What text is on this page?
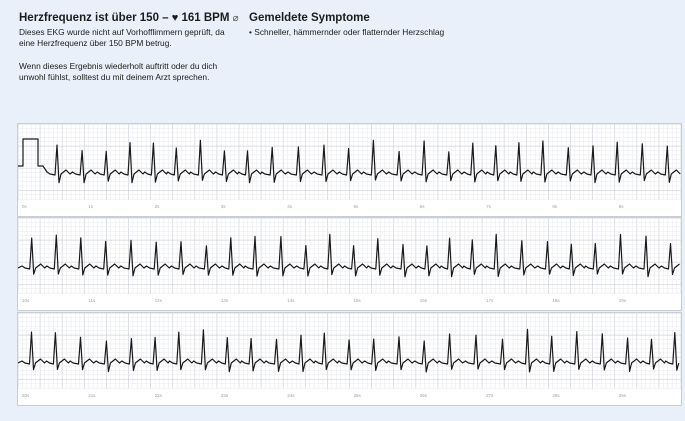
Herzfrequenz ist über 150 – ♥ 161 BPM ⌀

Dieses EKG wurde nicht auf Vorhofflimmern geprüft, da eine Herzfrequenz über 150 BPM betrug.

Wenn dieses Ergebnis wiederholt auftritt oder du dich unwohl fühlst, solltest du mit deinem Arzt sprechen.

Gemeldete Symptome

• Schneller, hämmernder oder flatternder Herzschlag

0s	1s	2s	3s	4s	5s	6s	7s	8s	9s
10s	11s	12s	13s	14s	15s	16s	17s	18s	19s
20s	21s	22s	23s	24s	25s	26s	27s	28s	29s
